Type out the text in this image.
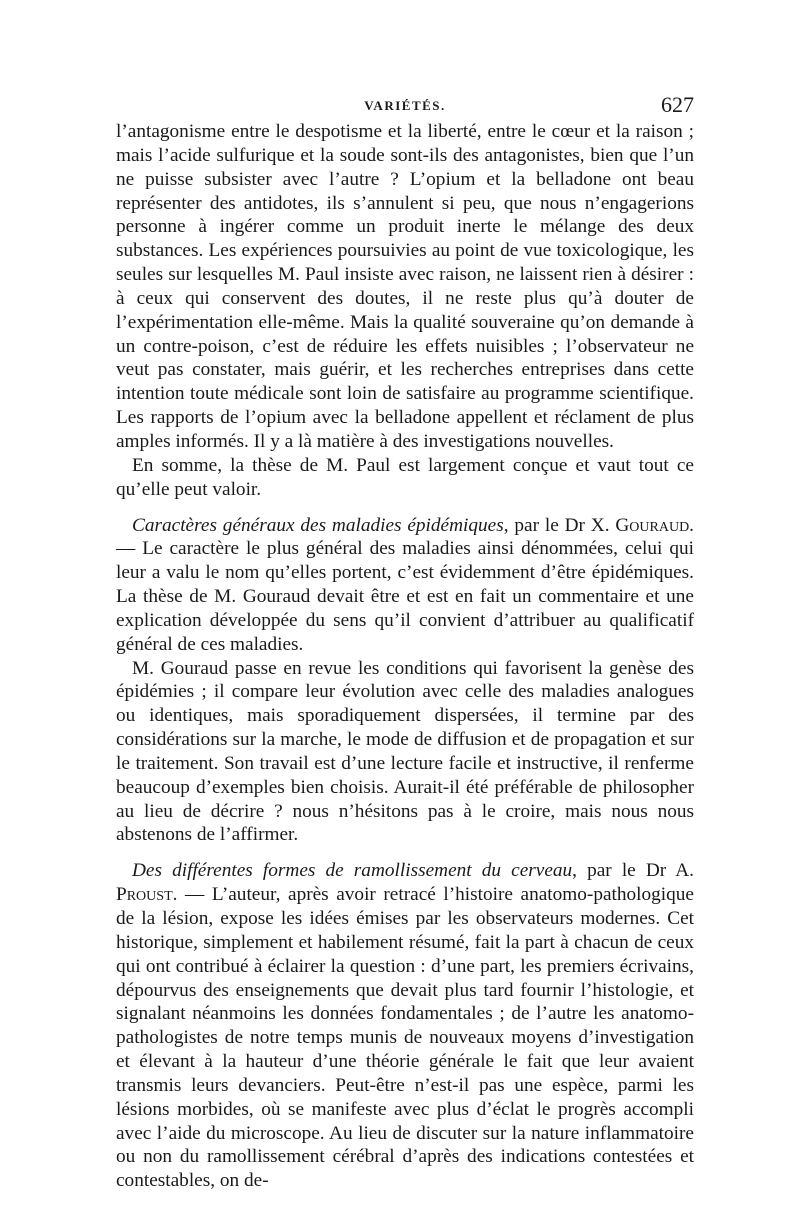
VARIÉTÉS.	627

l’antagonisme entre le despotisme et la liberté, entre le cœur et la raison ; mais l’acide sulfurique et la soude sont-ils des antagonistes, bien que l’un ne puisse subsister avec l’autre ? L’opium et la belladone ont beau représenter des antidotes, ils s’annulent si peu, que nous n’engagerions personne à ingérer comme un produit inerte le mélange des deux substances. Les expériences poursuivies au point de vue toxicologique, les seules sur lesquelles M. Paul insiste avec raison, ne laissent rien à désirer : à ceux qui conservent des doutes, il ne reste plus qu’à douter de l’expérimentation elle-même. Mais la qualité souveraine qu’on demande à un contre-poison, c’est de réduire les effets nuisibles ; l’observateur ne veut pas constater, mais guérir, et les recherches entreprises dans cette intention toute médicale sont loin de satisfaire au programme scientifique. Les rapports de l’opium avec la belladone appellent et réclament de plus amples informés. Il y a là matière à des investigations nouvelles.

En somme, la thèse de M. Paul est largement conçue et vaut tout ce qu’elle peut valoir.

Caractères généraux des maladies épidémiques, par le Dr X. Gouraud. — Le caractère le plus général des maladies ainsi dénommées, celui qui leur a valu le nom qu’elles portent, c’est évidemment d’être épidémiques. La thèse de M. Gouraud devait être et est en fait un commentaire et une explication développée du sens qu’il convient d’attribuer au qualificatif général de ces maladies.

M. Gouraud passe en revue les conditions qui favorisent la genèse des épidémies ; il compare leur évolution avec celle des maladies analogues ou identiques, mais sporadiquement dispersées, il termine par des considérations sur la marche, le mode de diffusion et de propagation et sur le traitement. Son travail est d’une lecture facile et instructive, il renferme beaucoup d’exemples bien choisis. Aurait-il été préférable de philosopher au lieu de décrire ? nous n’hésitons pas à le croire, mais nous nous abstenons de l’affirmer.

Des différentes formes de ramollissement du cerveau, par le Dr A. Proust. — L’auteur, après avoir retracé l’histoire anatomo-pathologique de la lésion, expose les idées émises par les observateurs modernes. Cet historique, simplement et habilement résumé, fait la part à chacun de ceux qui ont contribué à éclairer la question : d’une part, les premiers écrivains, dépourvus des enseignements que devait plus tard fournir l’histologie, et signalant néanmoins les données fondamentales ; de l’autre les anatomo-pathologistes de notre temps munis de nouveaux moyens d’investigation et élevant à la hauteur d’une théorie générale le fait que leur avaient transmis leurs devanciers. Peut-être n’est-il pas une espèce, parmi les lésions morbides, où se manifeste avec plus d’éclat le progrès accompli avec l’aide du microscope. Au lieu de discuter sur la nature inflammatoire ou non du ramollissement cérébral d’après des indications contestées et contestables, on de-
